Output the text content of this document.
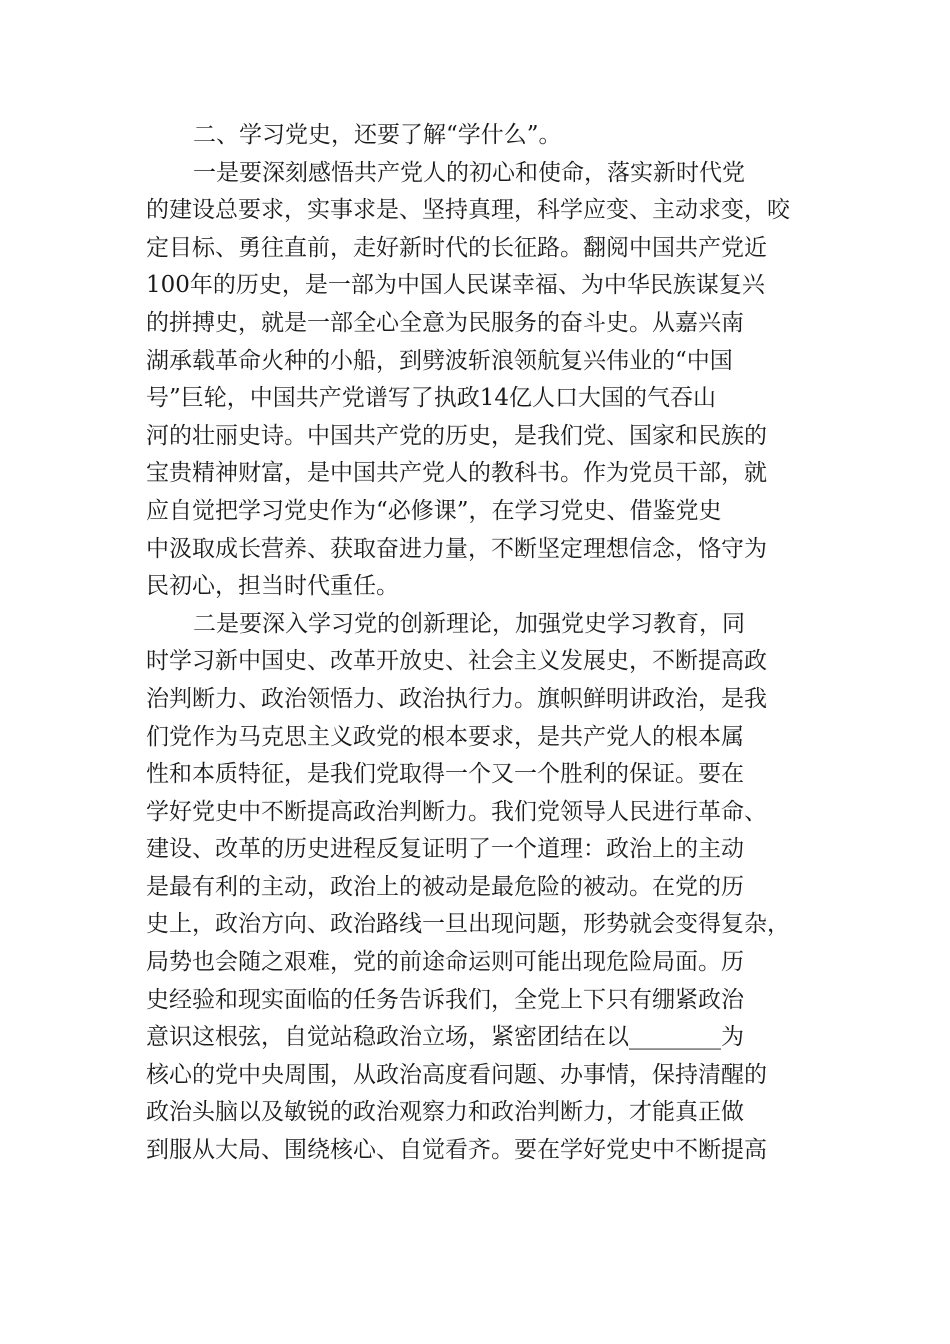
二、学习党史，还要了解“学什么”。
一是要深刻感悟共产党人的初心和使命，落实新时代党
的建设总要求，实事求是、坚持真理，科学应变、主动求变，咬
定目标、勇往直前，走好新时代的长征路。翻阅中国共产党近
100年的历史，是一部为中国人民谋幸福、为中华民族谋复兴
的拼搏史，就是一部全心全意为民服务的奋斗史。从嘉兴南
湖承载革命火种的小船，到劈波斩浪领航复兴伟业的“中国
号”巨轮，中国共产党谱写了执政14亿人口大国的气吞山
河的壮丽史诗。中国共产党的历史，是我们党、国家和民族的
宝贵精神财富，是中国共产党人的教科书。作为党员干部，就
应自觉把学习党史作为“必修课”，在学习党史、借鉴党史
中汲取成长营养、获取奋进力量，不断坚定理想信念，恪守为
民初心，担当时代重任。
二是要深入学习党的创新理论，加强党史学习教育，同
时学习新中国史、改革开放史、社会主义发展史，不断提高政
治判断力、政治领悟力、政治执行力。旗帜鲜明讲政治，是我
们党作为马克思主义政党的根本要求，是共产党人的根本属
性和本质特征，是我们党取得一个又一个胜利的保证。要在
学好党史中不断提高政治判断力。我们党领导人民进行革命、
建设、改革的历史进程反复证明了一个道理：政治上的主动
是最有利的主动，政治上的被动是最危险的被动。在党的历
史上，政治方向、政治路线一旦出现问题，形势就会变得复杂，
局势也会随之艰难，党的前途命运则可能出现危险局面。历
史经验和现实面临的任务告诉我们，全党上下只有绷紧政治
意识这根弦，自觉站稳政治立场，紧密团结在以________为
核心的党中央周围，从政治高度看问题、办事情，保持清醒的
政治头脑以及敏锐的政治观察力和政治判断力，才能真正做
到服从大局、围绕核心、自觉看齐。要在学好党史中不断提高
